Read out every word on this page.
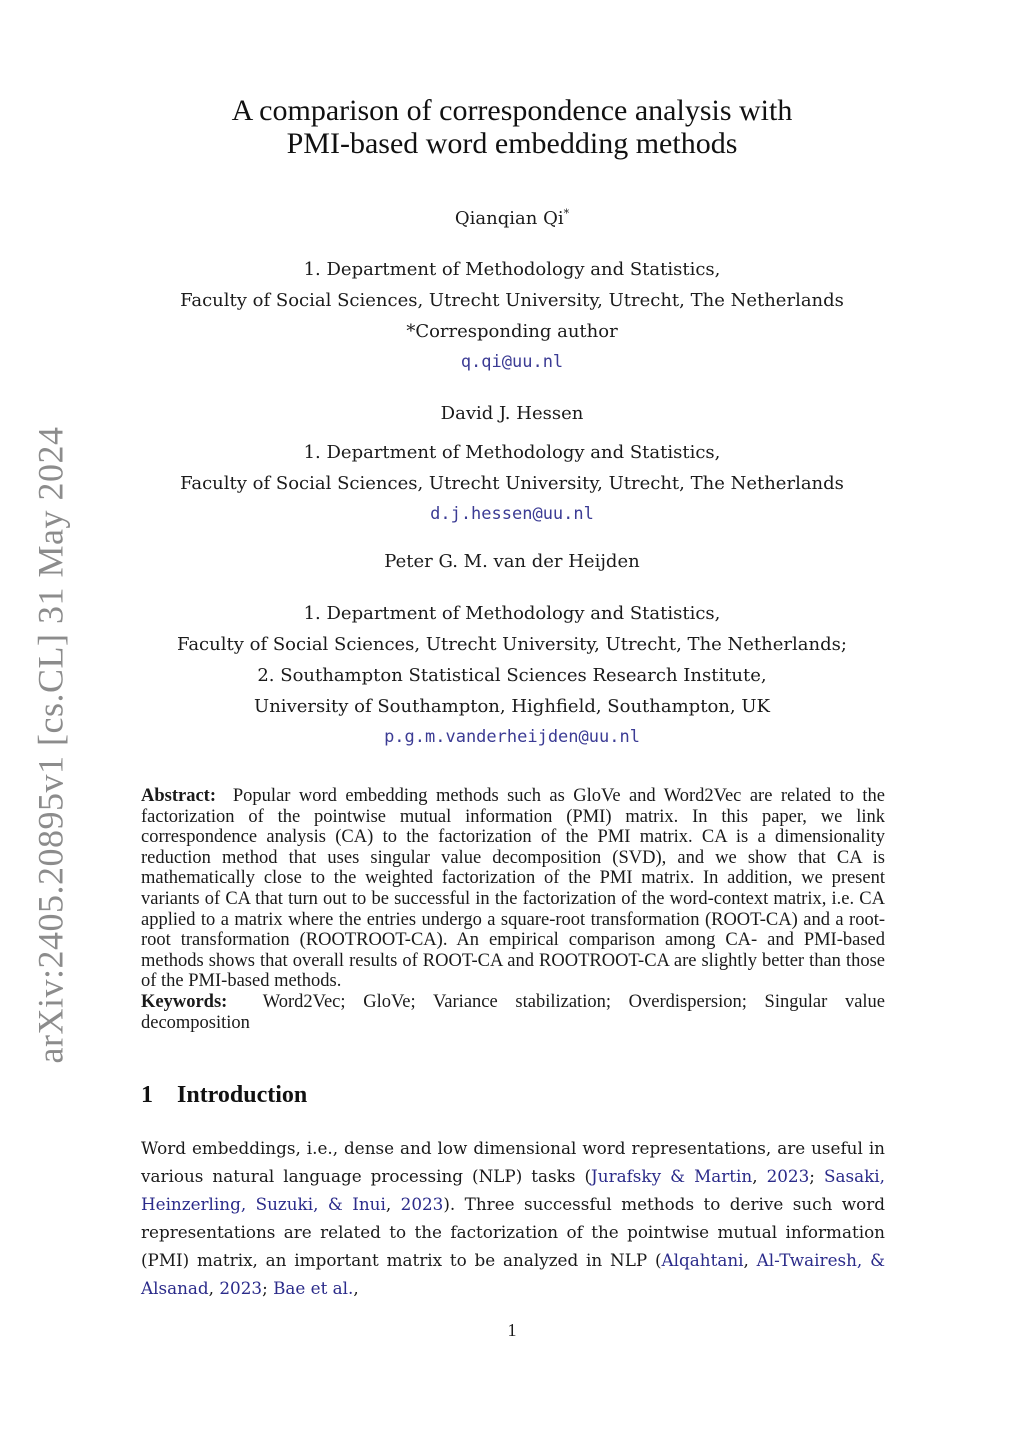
arXiv:2405.20895v1 [cs.CL] 31 May 2024
A comparison of correspondence analysis with
PMI-based word embedding methods
Qianqian Qi*
1. Department of Methodology and Statistics,
Faculty of Social Sciences, Utrecht University, Utrecht, The Netherlands
*Corresponding author
q.qi@uu.nl
David J. Hessen
1. Department of Methodology and Statistics,
Faculty of Social Sciences, Utrecht University, Utrecht, The Netherlands
d.j.hessen@uu.nl
Peter G. M. van der Heijden
1. Department of Methodology and Statistics,
Faculty of Social Sciences, Utrecht University, Utrecht, The Netherlands;
2. Southampton Statistical Sciences Research Institute,
University of Southampton, Highfield, Southampton, UK
p.g.m.vanderheijden@uu.nl
Abstract: Popular word embedding methods such as GloVe and Word2Vec are related to the factorization of the pointwise mutual information (PMI) matrix. In this paper, we link correspondence analysis (CA) to the factorization of the PMI matrix. CA is a dimensionality reduction method that uses singular value decomposition (SVD), and we show that CA is mathematically close to the weighted factorization of the PMI matrix. In addition, we present variants of CA that turn out to be successful in the factorization of the word-context matrix, i.e. CA applied to a matrix where the entries undergo a square-root transformation (ROOT-CA) and a root-root transformation (ROOTROOT-CA). An empirical comparison among CA- and PMI-based methods shows that overall results of ROOT-CA and ROOTROOT-CA are slightly better than those of the PMI-based methods.
Keywords: Word2Vec; GloVe; Variance stabilization; Overdispersion; Singular value decomposition
1 Introduction
Word embeddings, i.e., dense and low dimensional word representations, are useful in various natural language processing (NLP) tasks (Jurafsky & Martin, 2023; Sasaki, Heinzerling, Suzuki, & Inui, 2023). Three successful methods to derive such word representations are related to the factorization of the pointwise mutual information (PMI) matrix, an important matrix to be analyzed in NLP (Alqahtani, Al-Twairesh, & Alsanad, 2023; Bae et al.,
1
